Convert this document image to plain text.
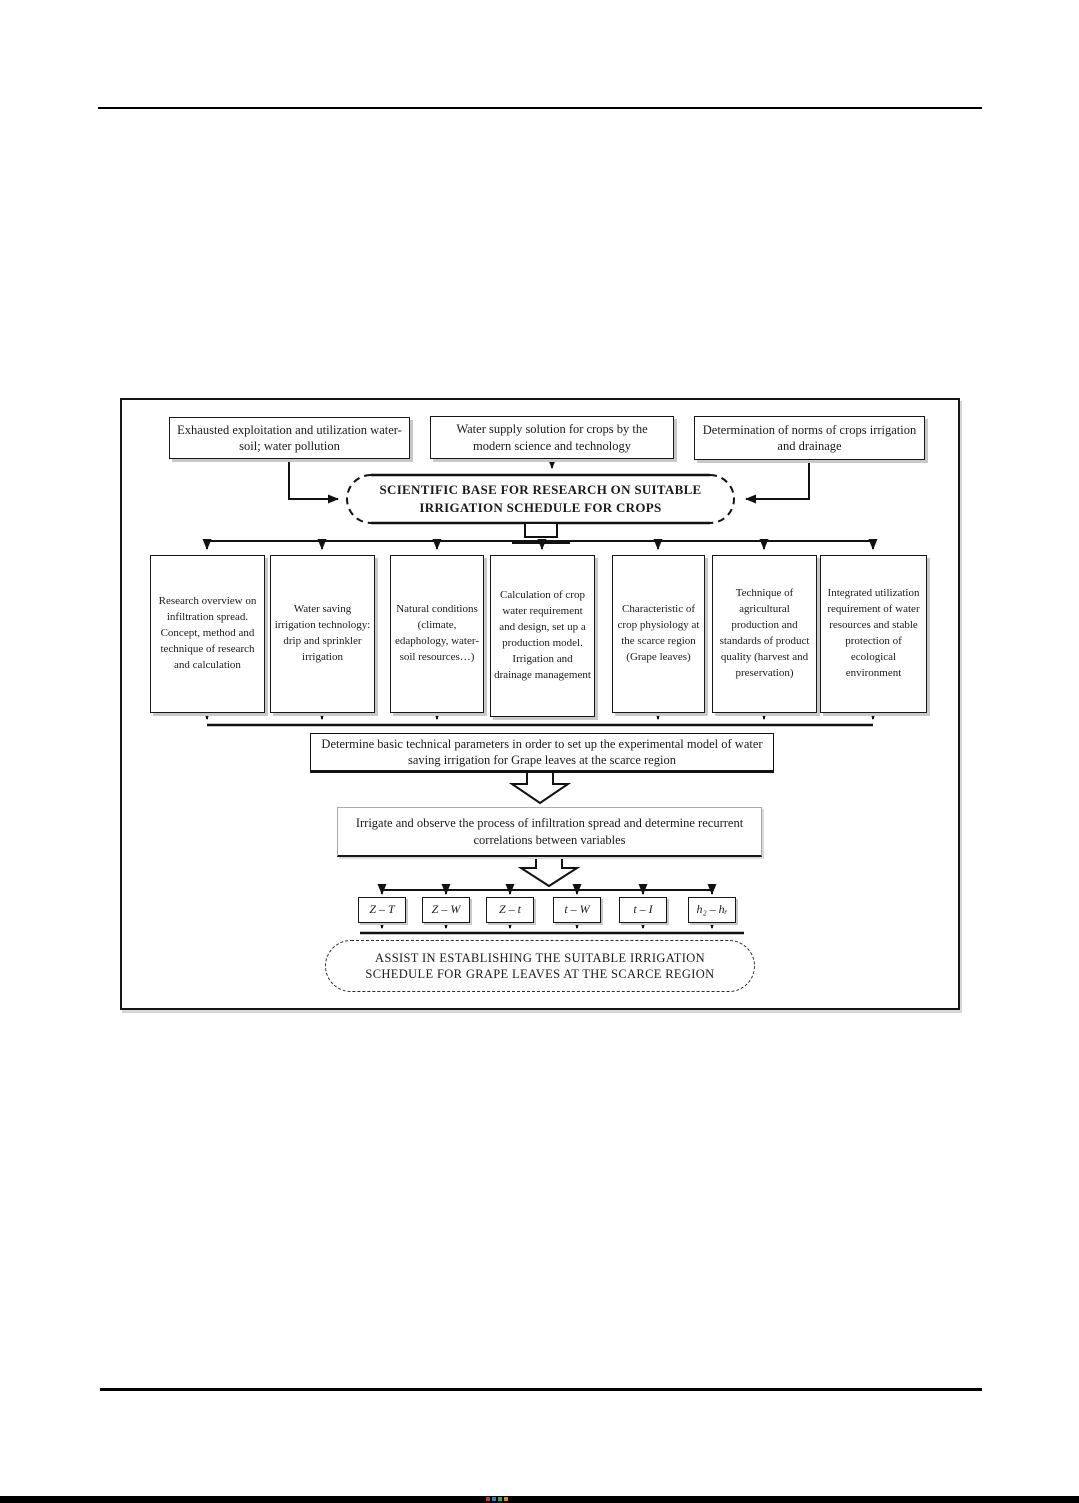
Exhausted exploitation and utilization water-soil; water pollution
Water supply solution for crops by the modern science and technology
Determination of norms of crops irrigation and drainage
SCIENTIFIC BASE FOR RESEARCH ON SUITABLE IRRIGATION SCHEDULE FOR CROPS
Research overview on infiltration spread. Concept, method and technique of research and calculation
Water saving irrigation technology: drip and sprinkler irrigation
Natural conditions (climate, edaphology, water-soil resources…)
Calculation of crop water requirement and design, set up a production model. Irrigation and drainage management
Characteristic of crop physiology at the scarce region (Grape leaves)
Technique of agricultural production and standards of product quality (harvest and preservation)
Integrated utilization requirement of water resources and stable protection of ecological environment
Determine basic technical parameters in order to set up the experimental model of water saving irrigation for Grape leaves at the scarce region
Irrigate and observe the process of infiltration spread and determine recurrent correlations between variables
Z – T	Z – W	Z – t	t – W	t – I	h₂ – hᵣ
ASSIST IN ESTABLISHING THE SUITABLE IRRIGATION SCHEDULE FOR GRAPE LEAVES AT THE SCARCE REGION
